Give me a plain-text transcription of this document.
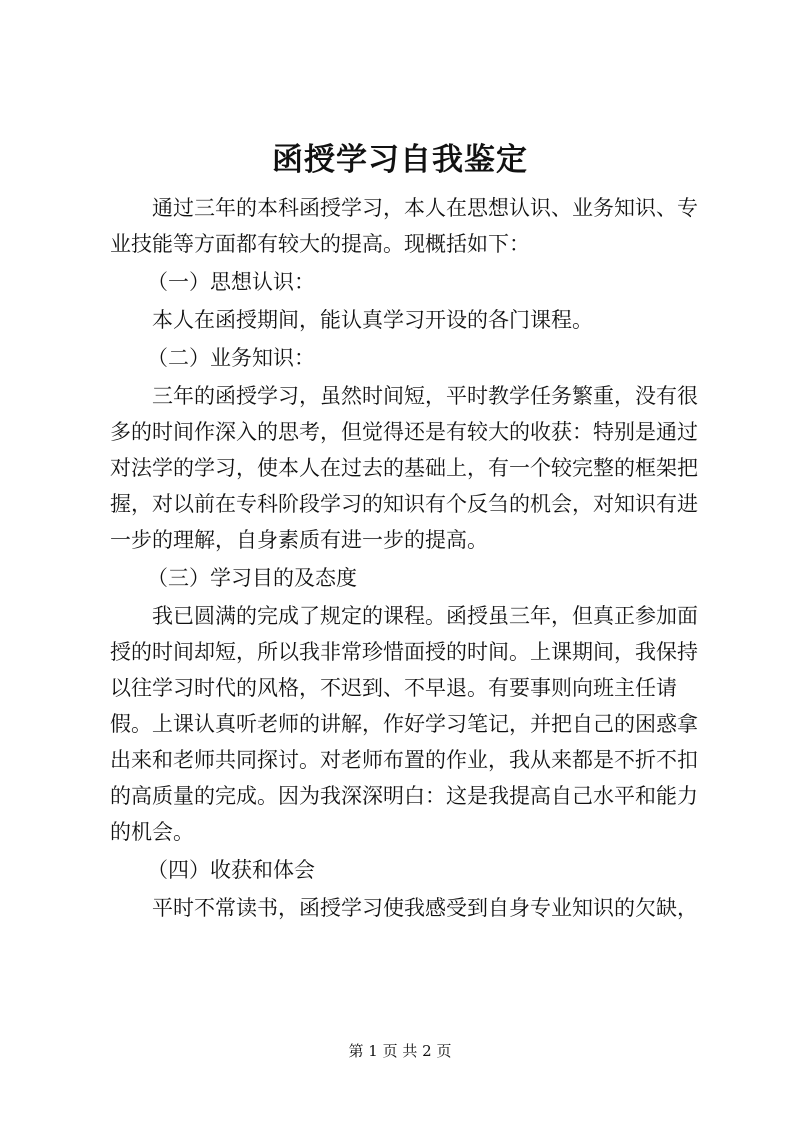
函授学习自我鉴定

通过三年的本科函授学习，本人在思想认识、业务知识、专业技能等方面都有较大的提高。现概括如下：

（一）思想认识：

本人在函授期间，能认真学习开设的各门课程。

（二）业务知识：

三年的函授学习，虽然时间短，平时教学任务繁重，没有很多的时间作深入的思考，但觉得还是有较大的收获：特别是通过对法学的学习，使本人在过去的基础上，有一个较完整的框架把握，对以前在专科阶段学习的知识有个反刍的机会，对知识有进一步的理解，自身素质有进一步的提高。

（三）学习目的及态度

我已圆满的完成了规定的课程。函授虽三年，但真正参加面授的时间却短，所以我非常珍惜面授的时间。上课期间，我保持以往学习时代的风格，不迟到、不早退。有要事则向班主任请假。上课认真听老师的讲解，作好学习笔记，并把自己的困惑拿出来和老师共同探讨。对老师布置的作业，我从来都是不折不扣的高质量的完成。因为我深深明白：这是我提高自己水平和能力的机会。

（四）收获和体会

平时不常读书，函授学习使我感受到自身专业知识的欠缺，

第 1 页 共 2 页
